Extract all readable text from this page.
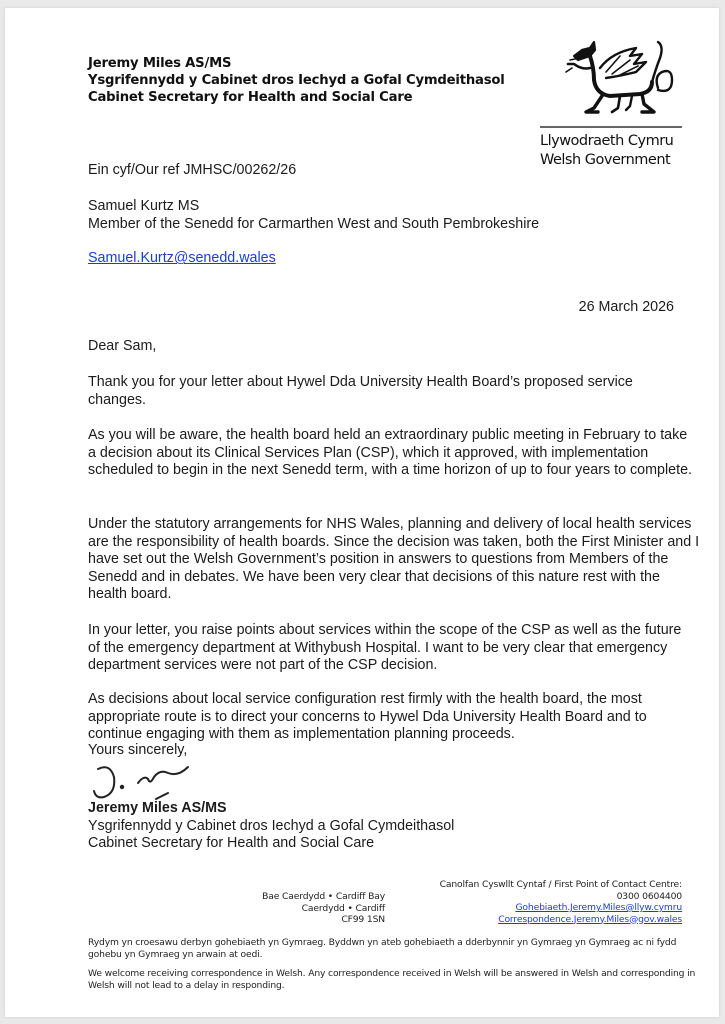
Jeremy Miles AS/MS
Ysgrifennydd y Cabinet dros Iechyd a Gofal Cymdeithasol
Cabinet Secretary for Health and Social Care
Llywodraeth Cymru
Welsh Government
Ein cyf/Our ref JMHSC/00262/26
Samuel Kurtz MS
Member of the Senedd for Carmarthen West and South Pembrokeshire
Samuel.Kurtz@senedd.wales
26 March 2026
Dear Sam,
Thank you for your letter about Hywel Dda University Health Board’s proposed service changes.
As you will be aware, the health board held an extraordinary public meeting in February to take a decision about its Clinical Services Plan (CSP), which it approved, with implementation scheduled to begin in the next Senedd term, with a time horizon of up to four years to complete.
Under the statutory arrangements for NHS Wales, planning and delivery of local health services are the responsibility of health boards. Since the decision was taken, both the First Minister and I have set out the Welsh Government’s position in answers to questions from Members of the Senedd and in debates. We have been very clear that decisions of this nature rest with the health board.
In your letter, you raise points about services within the scope of the CSP as well as the future of the emergency department at Withybush Hospital. I want to be very clear that emergency department services were not part of the CSP decision.
As decisions about local service configuration rest firmly with the health board, the most appropriate route is to direct your concerns to Hywel Dda University Health Board and to continue engaging with them as implementation planning proceeds.
Yours sincerely,
Jeremy Miles AS/MS
Ysgrifennydd y Cabinet dros Iechyd a Gofal Cymdeithasol
Cabinet Secretary for Health and Social Care
Bae Caerdydd • Cardiff Bay
Caerdydd • Cardiff
CF99 1SN
Canolfan Cyswllt Cyntaf / First Point of Contact Centre:
0300 0604400
Gohebiaeth.Jeremy.Miles@llyw.cymru
Correspondence.Jeremy.Miles@gov.wales
Rydym yn croesawu derbyn gohebiaeth yn Gymraeg. Byddwn yn ateb gohebiaeth a dderbynnir yn Gymraeg yn Gymraeg ac ni fydd gohebu yn Gymraeg yn arwain at oedi.
We welcome receiving correspondence in Welsh. Any correspondence received in Welsh will be answered in Welsh and corresponding in Welsh will not lead to a delay in responding.
